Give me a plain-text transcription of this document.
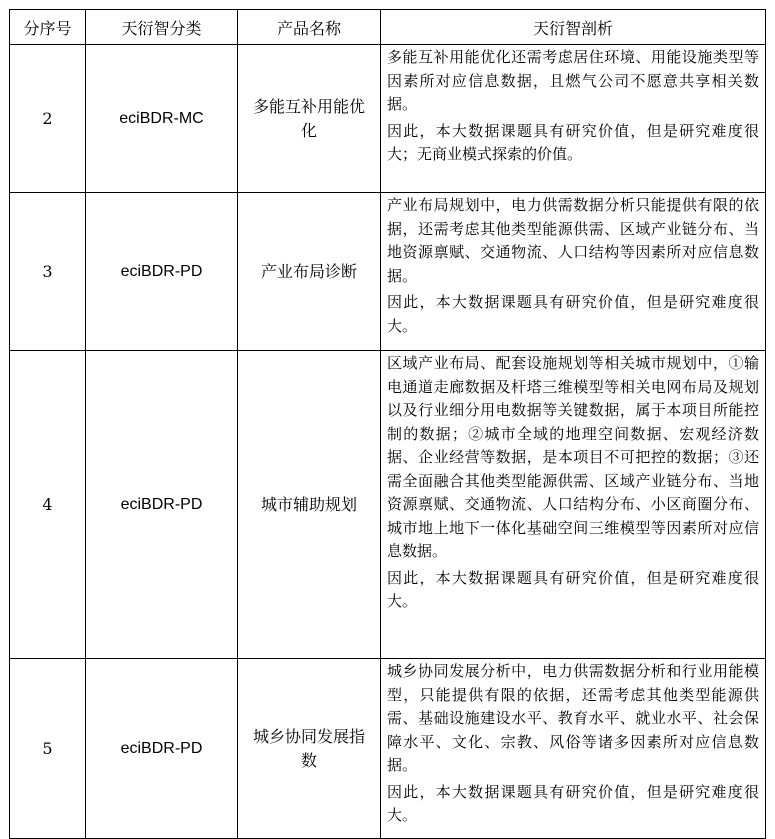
分序号	天衍智分类	产品名称	天衍智剖析
2	eciBDR-MC	多能互补用能优化	多能互补用能优化还需考虑居住环境、用能设施类型等因素所对应信息数据，且燃气公司不愿意共享相关数据。

因此，本大数据课题具有研究价值，但是研究难度很大；无商业模式探索的价值。

3	eciBDR-PD	产业布局诊断	产业布局规划中，电力供需数据分析只能提供有限的依据，还需考虑其他类型能源供需、区域产业链分布、当地资源禀赋、交通物流、人口结构等因素所对应信息数据。

因此，本大数据课题具有研究价值，但是研究难度很大。

4	eciBDR-PD	城市辅助规划	区域产业布局、配套设施规划等相关城市规划中，①输电通道走廊数据及杆塔三维模型等相关电网布局及规划以及行业细分用电数据等关键数据，属于本项目所能控制的数据；②城市全域的地理空间数据、宏观经济数据、企业经营等数据，是本项目不可把控的数据；③还需全面融合其他类型能源供需、区域产业链分布、当地资源禀赋、交通物流、人口结构分布、小区商圈分布、城市地上地下一体化基础空间三维模型等因素所对应信息数据。

因此，本大数据课题具有研究价值，但是研究难度很大。

5	eciBDR-PD	城乡协同发展指数	城乡协同发展分析中，电力供需数据分析和行业用能模型，只能提供有限的依据，还需考虑其他类型能源供需、基础设施建设水平、教育水平、就业水平、社会保障水平、文化、宗教、风俗等诸多因素所对应信息数据。

因此，本大数据课题具有研究价值，但是研究难度很大。
